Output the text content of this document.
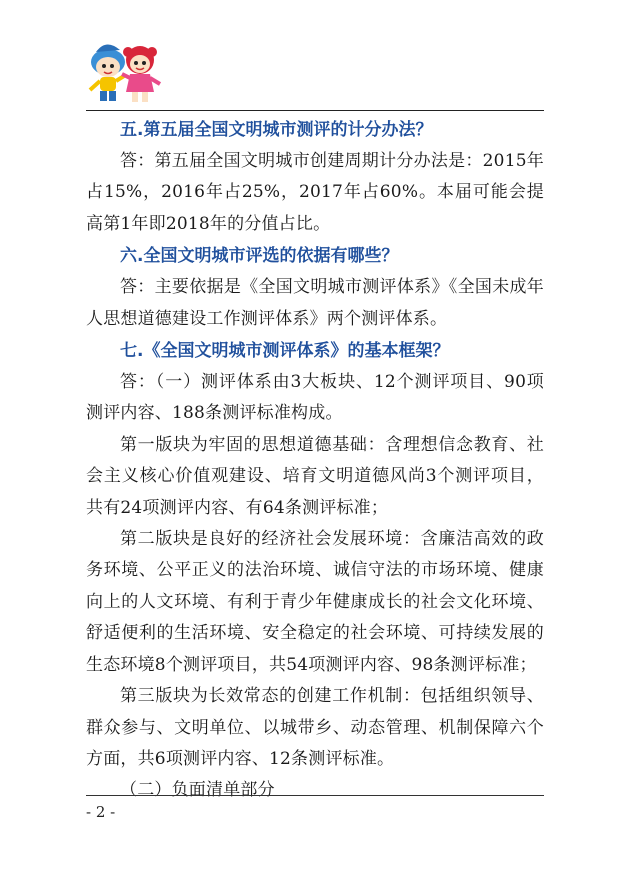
五.第五届全国文明城市测评的计分办法？

答：第五届全国文明城市创建周期计分办法是：2015年占15%，2016年占25%，2017年占60%。本届可能会提高第1年即2018年的分值占比。

六.全国文明城市评选的依据有哪些？

答：主要依据是《全国文明城市测评体系》《全国未成年人思想道德建设工作测评体系》两个测评体系。

七.《全国文明城市测评体系》的基本框架？

答：（一）测评体系由3大板块、12个测评项目、90项测评内容、188条测评标准构成。

第一版块为牢固的思想道德基础：含理想信念教育、社会主义核心价值观建设、培育文明道德风尚3个测评项目，共有24项测评内容、有64条测评标准；

第二版块是良好的经济社会发展环境：含廉洁高效的政务环境、公平正义的法治环境、诚信守法的市场环境、健康向上的人文环境、有利于青少年健康成长的社会文化环境、舒适便利的生活环境、安全稳定的社会环境、可持续发展的生态环境8个测评项目，共54项测评内容、98条测评标准；

第三版块为长效常态的创建工作机制：包括组织领导、群众参与、文明单位、以城带乡、动态管理、机制保障六个方面，共6项测评内容、12条测评标准。

（二）负面清单部分

- 2 -
